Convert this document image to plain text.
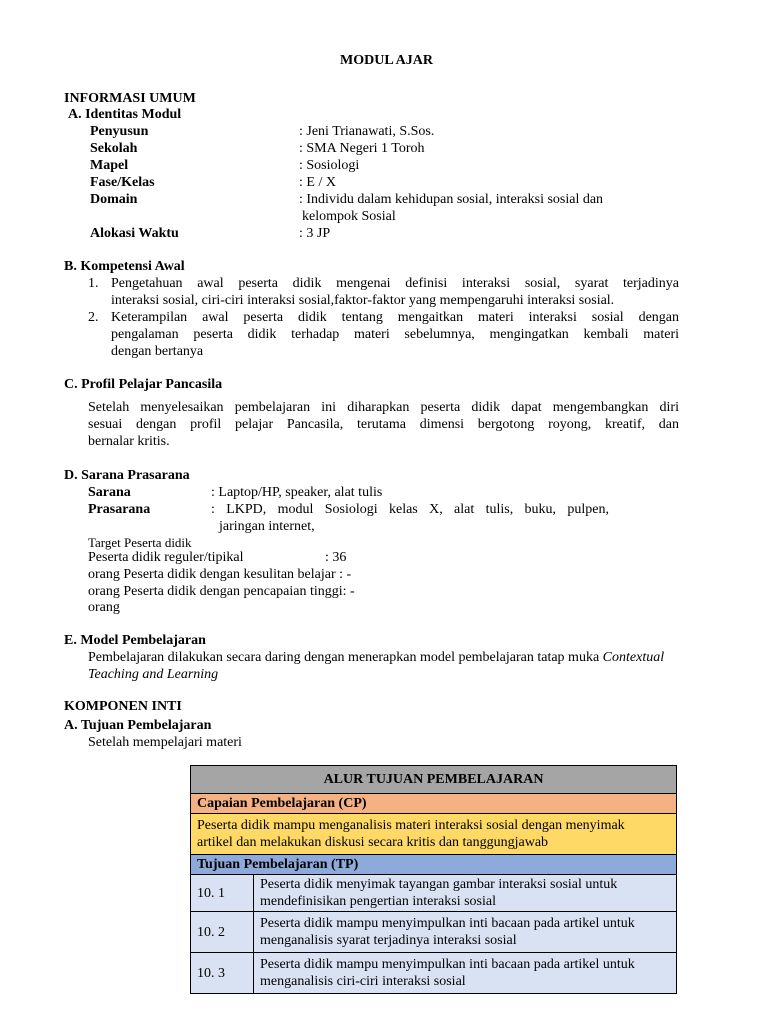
MODUL AJAR
INFORMASI UMUM
A. Identitas Modul
Penyusun	: Jeni Trianawati, S.Sos.
Sekolah	: SMA Negeri 1 Toroh
Mapel	: Sosiologi
Fase/Kelas	: E / X
Domain	: Individu dalam kehidupan sosial, interaksi sosial dan
kelompok Sosial
Alokasi Waktu	: 3 JP
B. Kompetensi Awal
1. Pengetahuan awal peserta didik mengenai definisi interaksi sosial, syarat terjadinya
interaksi sosial, ciri-ciri interaksi sosial,faktor-faktor yang mempengaruhi interaksi sosial.
2. Keterampilan awal peserta didik tentang mengaitkan materi interaksi sosial dengan
pengalaman peserta didik terhadap materi sebelumnya, mengingatkan kembali materi
dengan bertanya
C. Profil Pelajar Pancasila
Setelah menyelesaikan pembelajaran ini diharapkan peserta didik dapat mengembangkan diri
sesuai dengan profil pelajar Pancasila, terutama dimensi bergotong royong, kreatif, dan
bernalar kritis.
D. Sarana Prasarana
Sarana	: Laptop/HP, speaker, alat tulis
Prasarana	: LKPD, modul Sosiologi kelas X, alat tulis, buku, pulpen,
jaringan internet,
Target Peserta didik
Peserta didik reguler/tipikal	: 36
orang Peserta didik dengan kesulitan belajar : -
orang Peserta didik dengan pencapaian tinggi: -
orang
E. Model Pembelajaran
Pembelajaran dilakukan secara daring dengan menerapkan model pembelajaran tatap muka Contextual
Teaching and Learning
KOMPONEN INTI
A. Tujuan Pembelajaran
Setelah mempelajari materi
ALUR TUJUAN PEMBELAJARAN	
Capaian Pembelajaran (CP)	

Peserta didik mampu menganalisis materi interaksi sosial dengan menyimak
artikel dan melakukan diskusi secara kritis dan tanggungjawab	

Tujuan Pembelajaran (TP)	
10. 1	Peserta didik menyimak tayangan gambar interaksi sosial untuk
mendefinisikan pengertian interaksi sosial

10. 2	Peserta didik mampu menyimpulkan inti bacaan pada artikel untuk
menganalisis syarat terjadinya interaksi sosial

10. 3	Peserta didik mampu menyimpulkan inti bacaan pada artikel untuk
menganalisis ciri-ciri interaksi sosial
